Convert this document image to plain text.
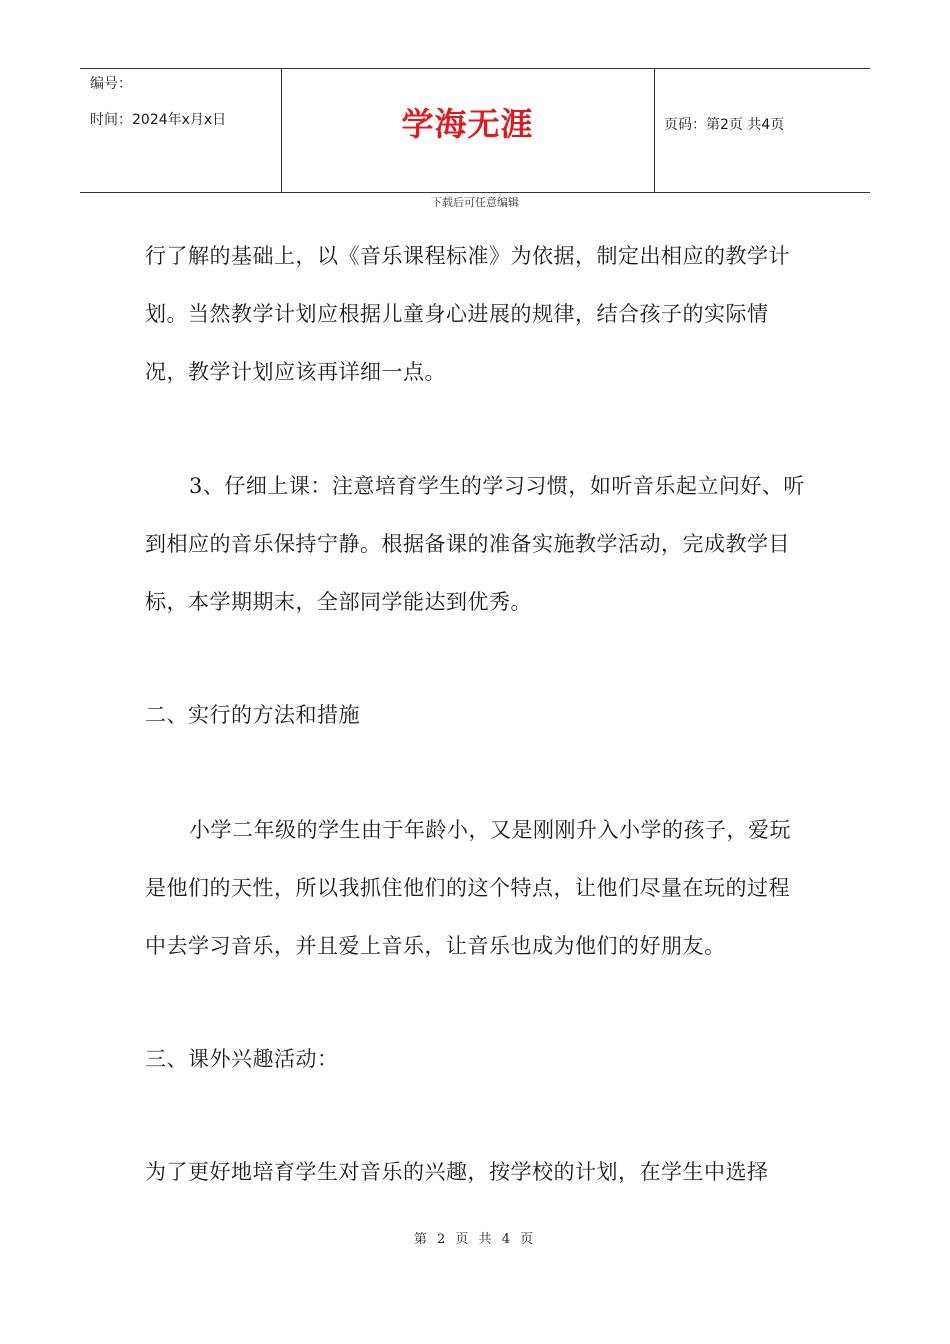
编号：
时间：2024年x月x日	学海无涯	页码：第2页 共4页
下载后可任意编辑

行了解的基础上，以《音乐课程标准》为依据，制定出相应的教学计划。当然教学计划应根据儿童身心进展的规律，结合孩子的实际情况，教学计划应该再详细一点。

3、仔细上课：注意培育学生的学习习惯，如听音乐起立问好、听到相应的音乐保持宁静。根据备课的准备实施教学活动，完成教学目标，本学期期末，全部同学能达到优秀。

二、实行的方法和措施

小学二年级的学生由于年龄小，又是刚刚升入小学的孩子，爱玩是他们的天性，所以我抓住他们的这个特点，让他们尽量在玩的过程中去学习音乐，并且爱上音乐，让音乐也成为他们的好朋友。

三、课外兴趣活动：

为了更好地培育学生对音乐的兴趣，按学校的计划，在学生中选择

第 2 页 共 4 页
